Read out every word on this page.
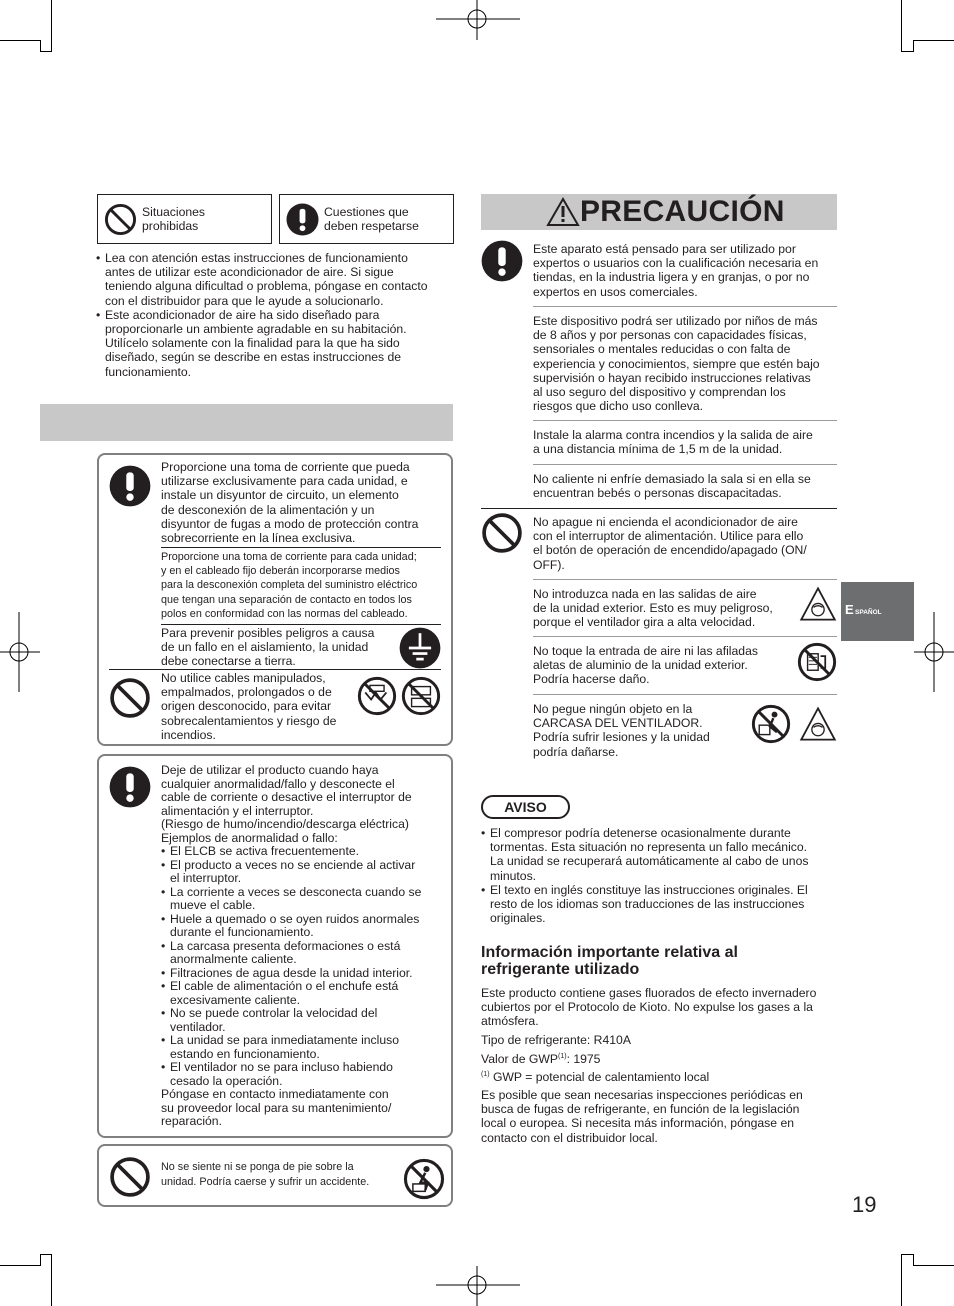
Situaciones
prohibidas
Cuestiones que
deben respetarse
• Lea con atención estas instrucciones de funcionamiento
antes de utilizar este acondicionador de aire. Si sigue
teniendo alguna dificultad o problema, póngase en contacto
con el distribuidor para que le ayude a solucionarlo.
• Este acondicionador de aire ha sido diseñado para
proporcionarle un ambiente agradable en su habitación.
Utilícelo solamente con la finalidad para la que ha sido
diseñado, según se describe en estas instrucciones de
funcionamiento.
Proporcione una toma de corriente que pueda
utilizarse exclusivamente para cada unidad, e
instale un disyuntor de circuito, un elemento
de desconexión de la alimentación y un
disyuntor de fugas a modo de protección contra
sobrecorriente en la línea exclusiva.
Proporcione una toma de corriente para cada unidad;
y en el cableado fijo deberán incorporarse medios
para la desconexión completa del suministro eléctrico
que tengan una separación de contacto en todos los
polos en conformidad con las normas del cableado.
Para prevenir posibles peligros a causa
de un fallo en el aislamiento, la unidad
debe conectarse a tierra.
No utilice cables manipulados,
empalmados, prolongados o de
origen desconocido, para evitar
sobrecalentamientos y riesgo de
incendios.
Deje de utilizar el producto cuando haya
cualquier anormalidad/fallo y desconecte el
cable de corriente o desactive el interruptor de
alimentación y el interruptor.
(Riesgo de humo/incendio/descarga eléctrica)
Ejemplos de anormalidad o fallo:
• El ELCB se activa frecuentemente.
• El producto a veces no se enciende al activar
el interruptor.
• La corriente a veces se desconecta cuando se
mueve el cable.
• Huele a quemado o se oyen ruidos anormales
durante el funcionamiento.
• La carcasa presenta deformaciones o está
anormalmente caliente.
• Filtraciones de agua desde la unidad interior.
• El cable de alimentación o el enchufe está
excesivamente caliente.
• No se puede controlar la velocidad del
ventilador.
• La unidad se para inmediatamente incluso
estando en funcionamiento.
• El ventilador no se para incluso habiendo
cesado la operación.
Póngase en contacto inmediatamente con
su proveedor local para su mantenimiento/
reparación.
No se siente ni se ponga de pie sobre la
unidad. Podría caerse y sufrir un accidente.
PRECAUCIÓN
Este aparato está pensado para ser utilizado por
expertos o usuarios con la cualificación necesaria en
tiendas, en la industria ligera y en granjas, o por no
expertos en usos comerciales.
Este dispositivo podrá ser utilizado por niños de más
de 8 años y por personas con capacidades físicas,
sensoriales o mentales reducidas o con falta de
experiencia y conocimientos, siempre que estén bajo
supervisión o hayan recibido instrucciones relativas
al uso seguro del dispositivo y comprendan los
riesgos que dicho uso conlleva.
Instale la alarma contra incendios y la salida de aire
a una distancia mínima de 1,5 m de la unidad.
No caliente ni enfríe demasiado la sala si en ella se
encuentran bebés o personas discapacitadas.
No apague ni encienda el acondicionador de aire
con el interruptor de alimentación. Utilice para ello
el botón de operación de encendido/apagado (ON/
OFF).
No introduzca nada en las salidas de aire
de la unidad exterior. Esto es muy peligroso,
porque el ventilador gira a alta velocidad.
No toque la entrada de aire ni las afiladas
aletas de aluminio de la unidad exterior.
Podría hacerse daño.
No pegue ningún objeto en la
CARCASA DEL VENTILADOR.
Podría sufrir lesiones y la unidad
podría dañarse.
AVISO
• El compresor podría detenerse ocasionalmente durante
tormentas. Esta situación no representa un fallo mecánico.
La unidad se recuperará automáticamente al cabo de unos
minutos.
• El texto en inglés constituye las instrucciones originales. El
resto de los idiomas son traducciones de las instrucciones
originales.
Información importante relativa al
refrigerante utilizado
Este producto contiene gases fluorados de efecto invernadero
cubiertos por el Protocolo de Kioto. No expulse los gases a la
atmósfera.
Tipo de refrigerante: R410A
Valor de GWP$^{(1)}$: 1975
$^{(1)}$ GWP = potencial de calentamiento local
Es posible que sean necesarias inspecciones periódicas en
busca de fugas de refrigerante, en función de la legislación
local o europea. Si necesita más información, póngase en
contacto con el distribuidor local.
E SPAÑOL
19
